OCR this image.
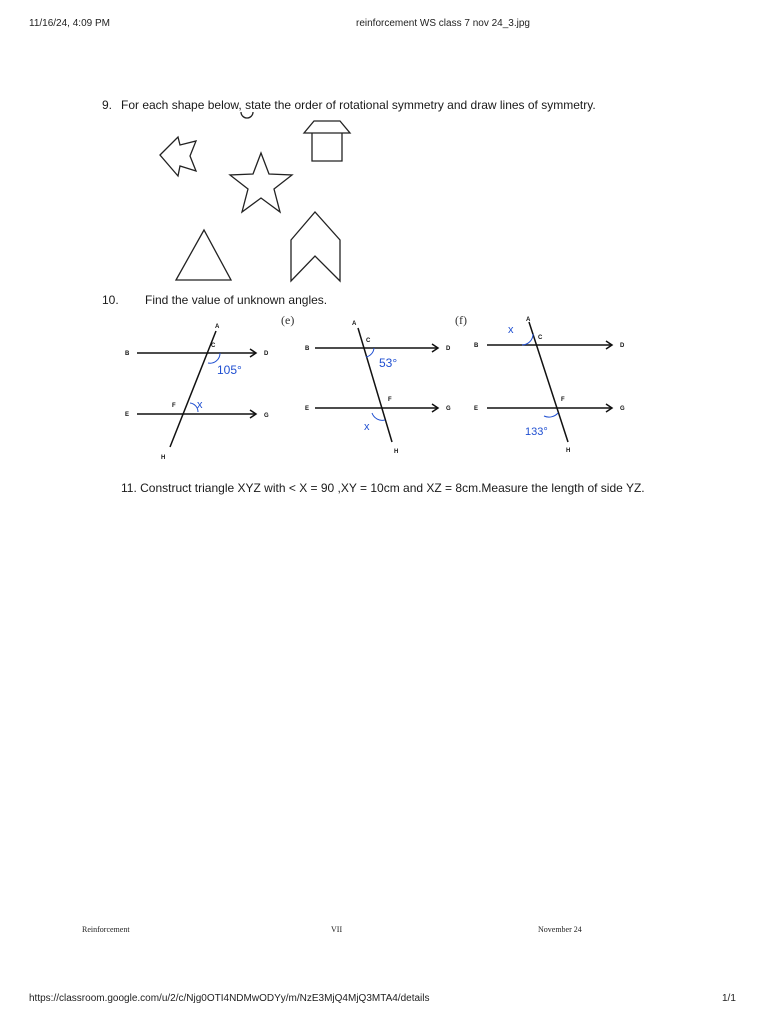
11/16/24, 4:09 PM	reinforcement WS class 7 nov 24_3.jpg
9. For each shape below, state the order of rotational symmetry and draw lines of symmetry.
10. Find the value of unknown angles.
A
B
C
D
E
F
G
H
105°
x
(e)	A
B
C
D
E
F
G
H
53°
x
(f)	A
B
C
D
E
F
G
H
133°
x
11. Construct triangle XYZ with < X = 90 ,XY = 10cm and XZ = 8cm.Measure the length of side YZ.
Reinforcement	VII	November 24
https://classroom.google.com/u/2/c/Njg0OTI4NDMwODYy/m/NzE3MjQ4MjQ3MTA4/details	1/1
